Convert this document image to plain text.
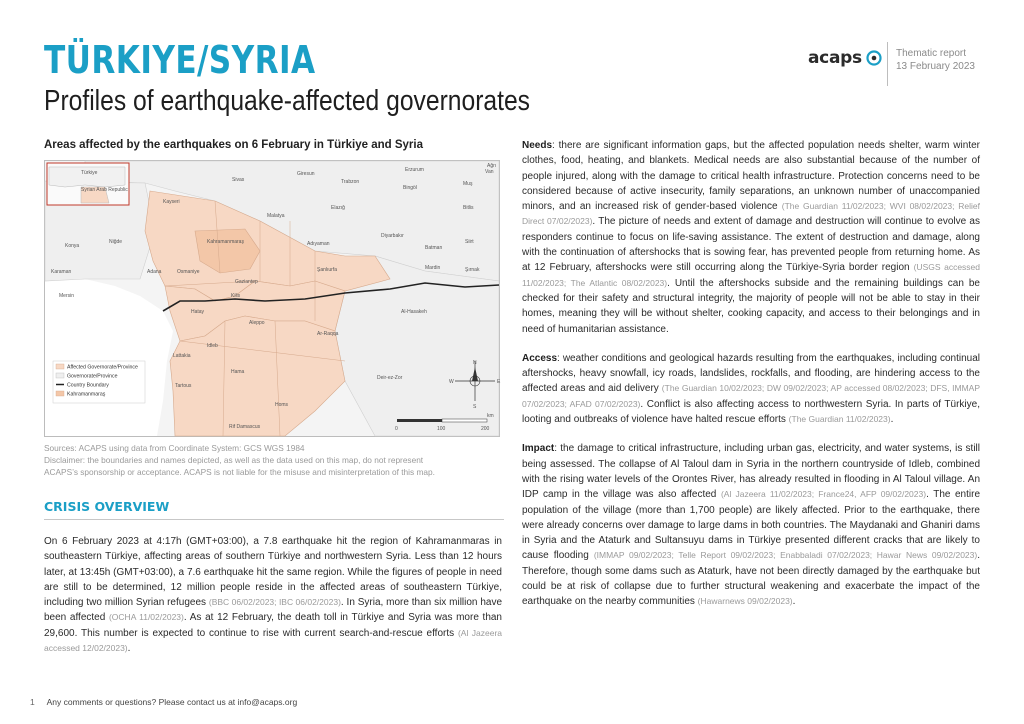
TÜRKIYE/SYRIA
Profiles of earthquake-affected governorates
acaps	Thematic report
13 February 2023
Areas affected by the earthquakes on 6 February in Türkiye and Syria
Türkiye
Syrian Arab Republic
Sivas
Giresun
Trabzon
Erzurum
Bingöl
Kayseri
Malatya
Elazığ
Muş
Bitlis
Van
Niğde	Kahramanmaraş	Adıyaman
Diyarbakır
Batman
Siirt
Konya
Adana	Osmaniye
Gaziantep
Şanlıurfa	Mardin	Şırnak
Karaman
Mersin	Kilis
Al-Hasakeh
Hatay
Aleppo
Idleb
Ar-Raqqa
Lattakia
Tartous
Hama
Deir-ez-Zor
Homs
Rif Damascus
Ağrı
Affected Governorate/Province
Governorate/Province
Country Boundary
Kahramanmaraş
N
E
S
W
0	100	200
km
Sources: ACAPS using data from Coordinate System: GCS WGS 1984
Disclaimer: the boundaries and names depicted, as well as the data used on this map, do not represent
ACAPS’s sponsorship or acceptance. ACAPS is not liable for the misuse and misinterpretation of this map.
CRISIS OVERVIEW
On 6 February 2023 at 4:17h (GMT+03:00), a 7.8 earthquake hit the region of Kahramanmaras in southeastern Türkiye, affecting areas of southern Türkiye and northwestern Syria. Less than 12 hours later, at 13:45h (GMT+03:00), a 7.6 earthquake hit the same region. While the figures of people in need are still to be determined, 12 million people reside in the affected areas of southeastern Türkiye, including two million Syrian refugees (BBC 06/02/2023; IBC 06/02/2023). In Syria, more than six million have been affected (OCHA 11/02/2023). As at 12 February, the death toll in Türkiye and Syria was more than 29,600. This number is expected to continue to rise with current search-and-rescue efforts (Al Jazeera accessed 12/02/2023).

Needs: there are significant information gaps, but the affected population needs shelter, warm winter clothes, food, heating, and blankets. Medical needs are also substantial because of the number of people injured, along with the damage to critical health infrastructure. Protection concerns need to be considered because of active insecurity, family separations, an unknown number of unaccompanied minors, and an increased risk of gender-based violence (The Guardian 11/02/2023; WVI 08/02/2023; Relief Direct 07/02/2023). The picture of needs and extent of damage and destruction will continue to evolve as responders continue to focus on life-saving assistance. The extent of destruction and damage, along with the continuation of aftershocks that is sowing fear, has prevented people from returning home. As at 12 February, aftershocks were still occurring along the Türkiye-Syria border region (USGS accessed 11/02/2023; The Atlantic 08/02/2023). Until the aftershocks subside and the remaining buildings can be checked for their safety and structural integrity, the majority of people will not be able to stay in their homes, meaning they will be without shelter, cooking capacity, and access to their belongings and in need of humanitarian assistance.

Access: weather conditions and geological hazards resulting from the earthquakes, including continual aftershocks, heavy snowfall, icy roads, landslides, rockfalls, and flooding, are hindering access to the affected areas and aid delivery (The Guardian 10/02/2023; DW 09/02/2023; AP accessed 08/02/2023; DFS, IMMAP 07/02/2023; AFAD 07/02/2023). Conflict is also affecting access to northwestern Syria. In parts of Türkiye, looting and outbreaks of violence have halted rescue efforts (The Guardian 11/02/2023).

Impact: the damage to critical infrastructure, including urban gas, electricity, and water systems, is still being assessed. The collapse of Al Taloul dam in Syria in the northern countryside of Idleb, combined with the rising water levels of the Orontes River, has already resulted in flooding in Al Taloul village. An IDP camp in the village was also affected (Al Jazeera 11/02/2023; France24, AFP 09/02/2023). The entire population of the village (more than 1,700 people) are likely affected. Prior to the earthquake, there were already concerns over damage to large dams in both countries. The Maydanaki and Ghaniri dams in Syria and the Ataturk and Sultansuyu dams in Türkiye presented different cracks that are likely to cause flooding (IMMAP 09/02/2023; Telle Report 09/02/2023; Enabbaladi 07/02/2023; Hawar News 09/02/2023). Therefore, though some dams such as Ataturk, have not been directly damaged by the earthquake but could be at risk of collapse due to further structural weakening and exacerbate the impact of the earthquake on the nearby communities (Hawarnews 09/02/2023).

1 Any comments or questions? Please contact us at info@acaps.org
